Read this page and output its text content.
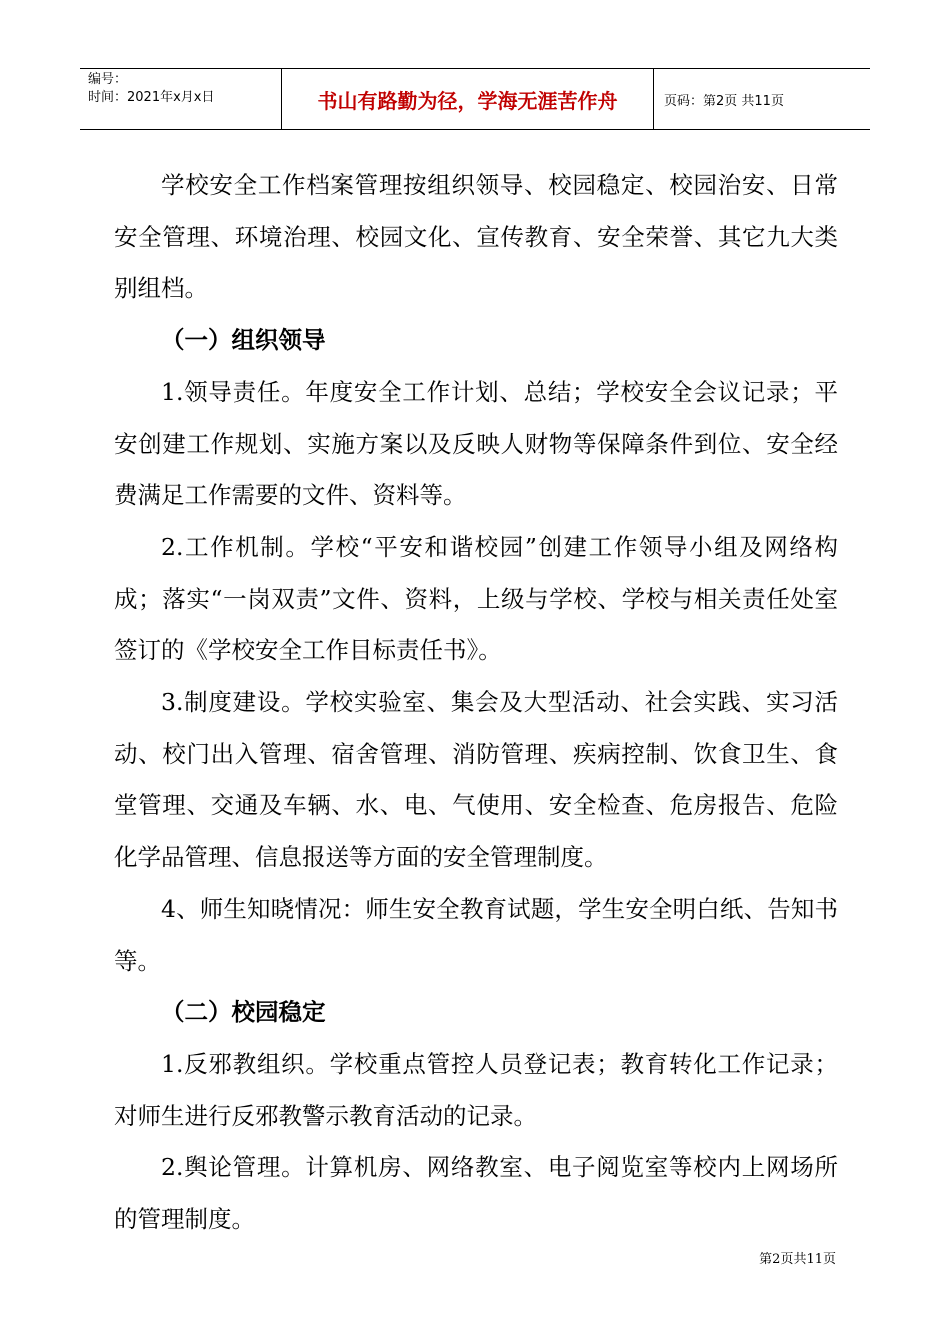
编号：
时间：2021年x月x日	书山有路勤为径，学海无涯苦作舟	页码：第2页 共11页

学校安全工作档案管理按组织领导、校园稳定、校园治安、日常安全管理、环境治理、校园文化、宣传教育、安全荣誉、其它九大类别组档。

（一）组织领导

1.领导责任。年度安全工作计划、总结；学校安全会议记录；平安创建工作规划、实施方案以及反映人财物等保障条件到位、安全经费满足工作需要的文件、资料等。

2.工作机制。学校“平安和谐校园”创建工作领导小组及网络构成；落实“一岗双责”文件、资料，上级与学校、学校与相关责任处室签订的《学校安全工作目标责任书》。

3.制度建设。学校实验室、集会及大型活动、社会实践、实习活动、校门出入管理、宿舍管理、消防管理、疾病控制、饮食卫生、食堂管理、交通及车辆、水、电、气使用、安全检查、危房报告、危险化学品管理、信息报送等方面的安全管理制度。

4、师生知晓情况：师生安全教育试题，学生安全明白纸、告知书等。

（二）校园稳定

1.反邪教组织。学校重点管控人员登记表；教育转化工作记录；对师生进行反邪教警示教育活动的记录。

2.舆论管理。计算机房、网络教室、电子阅览室等校内上网场所的管理制度。

第2页共11页
